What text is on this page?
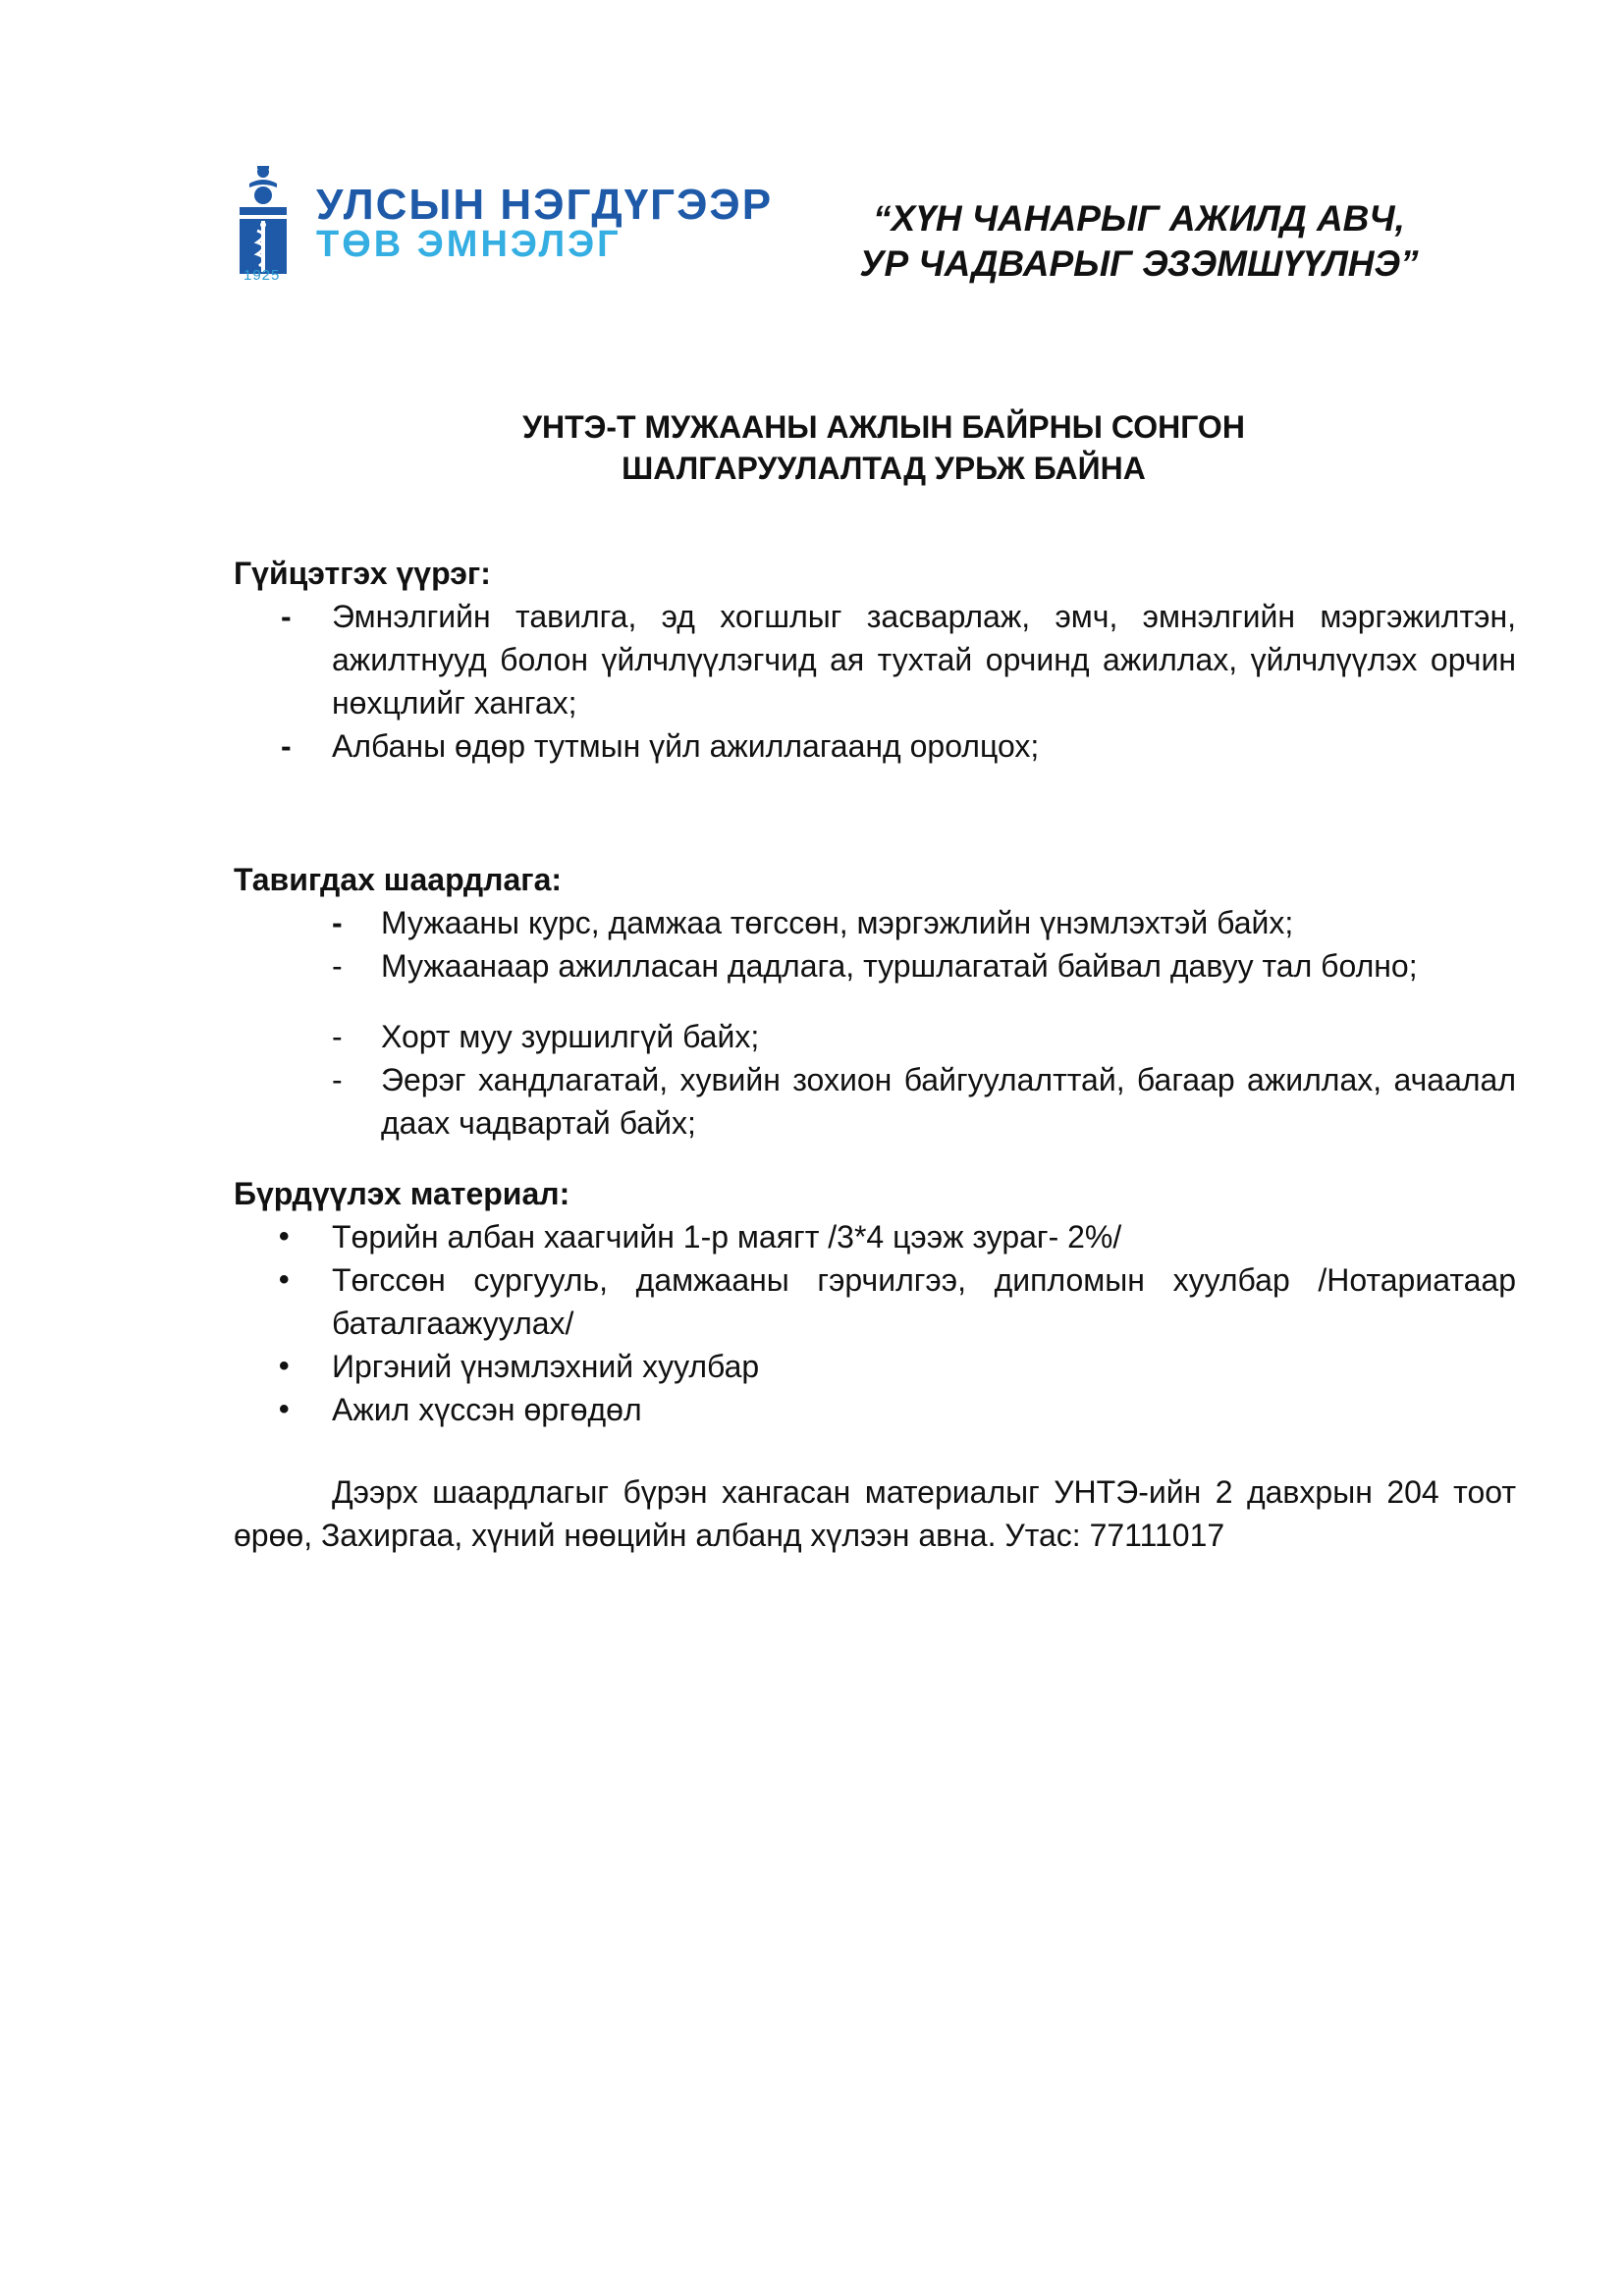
1925
УЛСЫН НЭГДҮГЭЭР
ТӨВ ЭМНЭЛЭГ
“ХҮН ЧАНАРЫГ АЖИЛД АВЧ,
УР ЧАДВАРЫГ ЭЗЭМШҮҮЛНЭ”
УНТЭ-Т МУЖААНЫ АЖЛЫН БАЙРНЫ СОНГОН
ШАЛГАРУУЛАЛТАД УРЬЖ БАЙНА
Гүйцэтгэх үүрэг:
- Эмнэлгийн тавилга, эд хогшлыг засварлаж, эмч, эмнэлгийн мэргэжилтэн, ажилтнууд болон үйлчлүүлэгчид ая тухтай орчинд ажиллах, үйлчлүүлэх орчин нөхцлийг хангах;
- Албаны өдөр тутмын үйл ажиллагаанд оролцох;
Тавигдах шаардлага:
- Мужааны курс, дамжаа төгссөн, мэргэжлийн үнэмлэхтэй байх;
- Мужаанаар ажилласан дадлага, туршлагатай байвал давуу тал болно;
- Хорт муу зуршилгүй байх;
- Эерэг хандлагатай, хувийн зохион байгуулалттай, багаар ажиллах, ачаалал даах чадвартай байх;
Бүрдүүлэх материал:
• Төрийн албан хаагчийн 1-р маягт /3*4 цээж зураг- 2%/
• Төгссөн сургууль, дамжааны гэрчилгээ, дипломын хуулбар /Нотариатаар баталгаажуулах/
• Иргэний үнэмлэхний хуулбар
• Ажил хүссэн өргөдөл
Дээрх шаардлагыг бүрэн хангасан материалыг УНТЭ-ийн 2 давхрын 204 тоот өрөө, Захиргаа, хүний нөөцийн албанд хүлээн авна. Утас: 77111017
